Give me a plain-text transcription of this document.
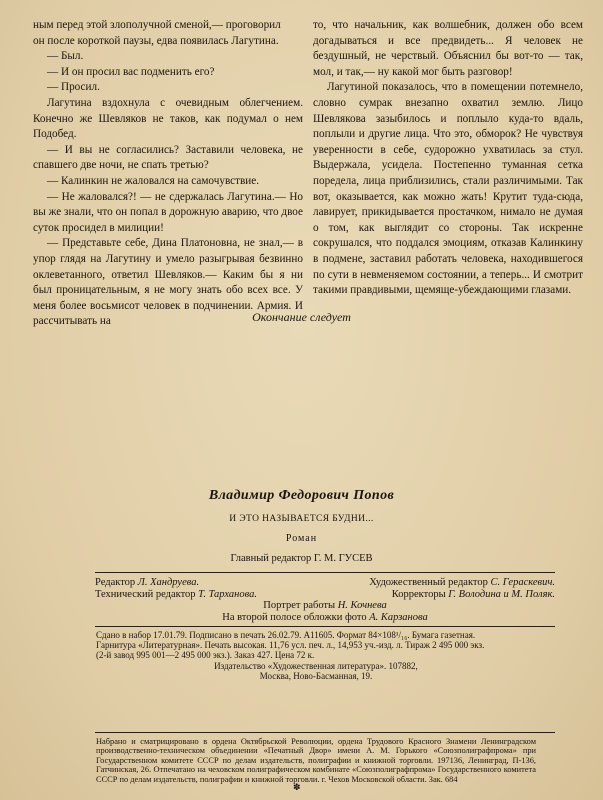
ным перед этой злополучной сменой,— проговорил

он после короткой паузы, едва появилась Лагутина.

— Был.

— И он просил вас подменить его?

— Просил.

Лагутина вздохнула с очевидным облегчением. Конечно же Шевляков не таков, как подумал о нем Подобед.

— И вы не согласились? Заставили человека, не спавшего две ночи, не спать третью?

— Калинкин не жаловался на самочувствие.

— Не жаловался?! — не сдержалась Лагутина.— Но вы же знали, что он попал в дорожную аварию, что двое суток просидел в милиции!

— Представьте себе, Дина Платоновна, не знал,— в упор глядя на Лагутину и умело разыгрывая безвинно оклеветанного, ответил Шевляков.— Каким бы я ни был проницательным, я не могу знать обо всех все. У меня более восьмисот человек в подчинении. Армия. И рассчитывать на

то, что начальник, как волшебник, должен обо всем догадываться и все предвидеть... Я человек не бездушный, не черствый. Объяснил бы вот-то — так, мол, и так,— ну какой мог быть разговор!

Лагутиной показалось, что в помещении потемнело, словно сумрак внезапно охватил землю. Лицо Шевлякова зазыбилось и поплыло куда-то вдаль, поплыли и другие лица. Что это, обморок? Не чувствуя уверенности в себе, судорожно ухватилась за стул. Выдержала, усидела. Постепенно туманная сетка поредела, лица приблизились, стали различимыми. Так вот, оказывается, как можно жать! Крутит туда-сюда, лавирует, прикидывается простачком, нимало не думая о том, как выглядит со стороны. Так искренне сокрушался, что поддался эмоциям, отказав Калинкину в подмене, заставил работать человека, находившегося по сути в невменяемом состоянии, а теперь... И смотрит такими правдивыми, щемяще-убеждающими глазами.

Окончание следует
Владимир Федорович Попов
И ЭТО НАЗЫВАЕТСЯ БУДНИ...
Роман
Главный редактор Г. М. ГУСЕВ
Редактор Л. Хандруева.	Художественный редактор С. Гераскевич.
Технический редактор Т. Тарханова.	Корректоры Г. Володина и М. Поляк.
Портрет работы Н. Кочнева
На второй полосе обложки фото А. Карзанова
Сдано в набор 17.01.79. Подписано в печать 26.02.79. А11605. Формат 84×108¹/₁₆. Бумага газетная.
Гарнитура «Литературная». Печать высокая. 11,76 усл. печ. л., 14,953 уч.-изд. л. Тираж 2 495 000 экз.
(2-й завод 995 001—2 495 000 экз.). Заказ 427. Цена 72 к.
Издательство «Художественная литература». 107882,
Москва, Ново-Басманная, 19.
Набрано и сматрицировано в ордена Октябрьской Революции, ордена Трудового Красного Знамени Ленинградском производственно-техническом объединении «Печатный Двор» имени А. М. Горького «Союзполиграфпрома» при Государственном комитете СССР по делам издательств, полиграфии и книжной торговли. 197136, Ленинград, П-136, Гатчинская, 26. Отпечатано на чеховском полиграфическом комбинате «Союзполиграфпрома» Государственного комитета СССР по делам издательств, полиграфии и книжной торговли. г. Чехов Московской области. Зак. 684
✽
